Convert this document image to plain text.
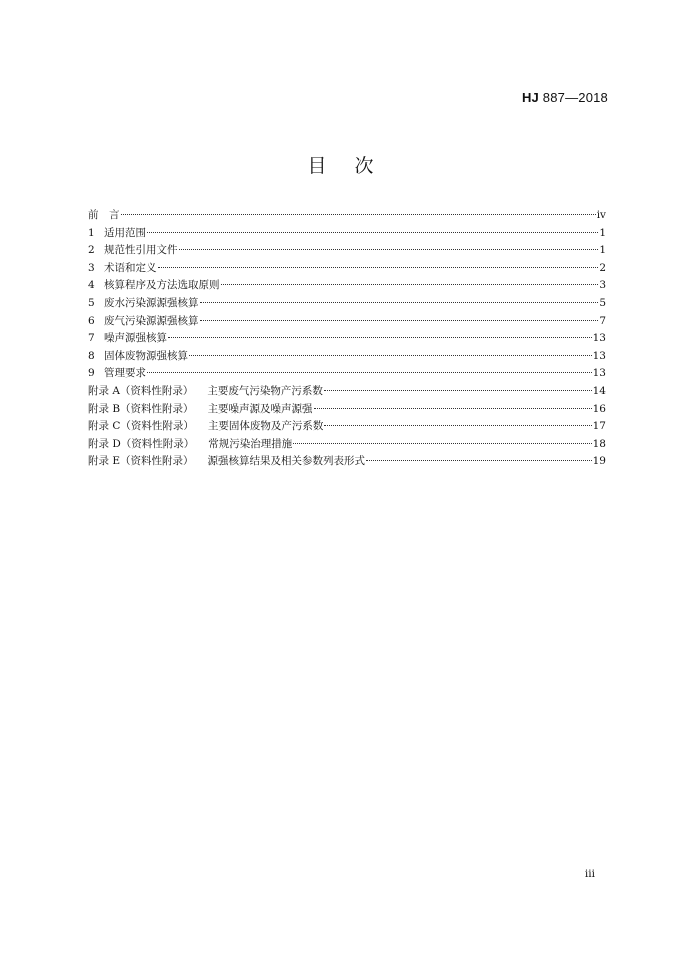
HJ 887—2018
目 次
前　言	iv
1 适用范围	1
2 规范性引用文件	1
3 术语和定义	2
4 核算程序及方法选取原则	3
5 废水污染源源强核算	5
6 废气污染源源强核算	7
7 噪声源强核算	13
8 固体废物源强核算	13
9 管理要求	13
附录 A（资料性附录） 主要废气污染物产污系数	14
附录 B（资料性附录） 主要噪声源及噪声源强	16
附录 C（资料性附录） 主要固体废物及产污系数	17
附录 D（资料性附录） 常规污染治理措施	18
附录 E（资料性附录） 源强核算结果及相关参数列表形式	19
iii
